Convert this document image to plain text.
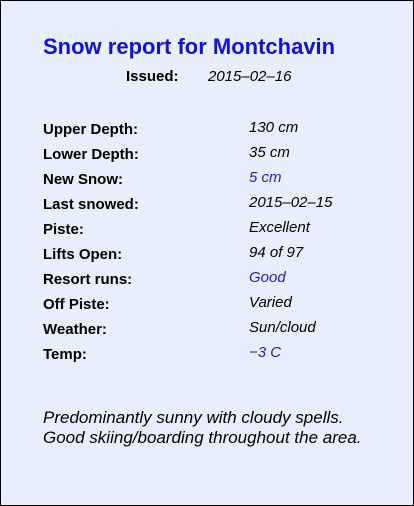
Snow report for Montchavin
Issued: 2015–02–16
Upper Depth:	130 cm
Lower Depth:	35 cm
New Snow:	5 cm
Last snowed:	2015–02–15
Piste:	Excellent
Lifts Open:	94 of 97
Resort runs:	Good
Off Piste:	Varied
Weather:	Sun/cloud
Temp:	−3 C
Predominantly sunny with cloudy spells.
Good skiing/boarding throughout the area.
